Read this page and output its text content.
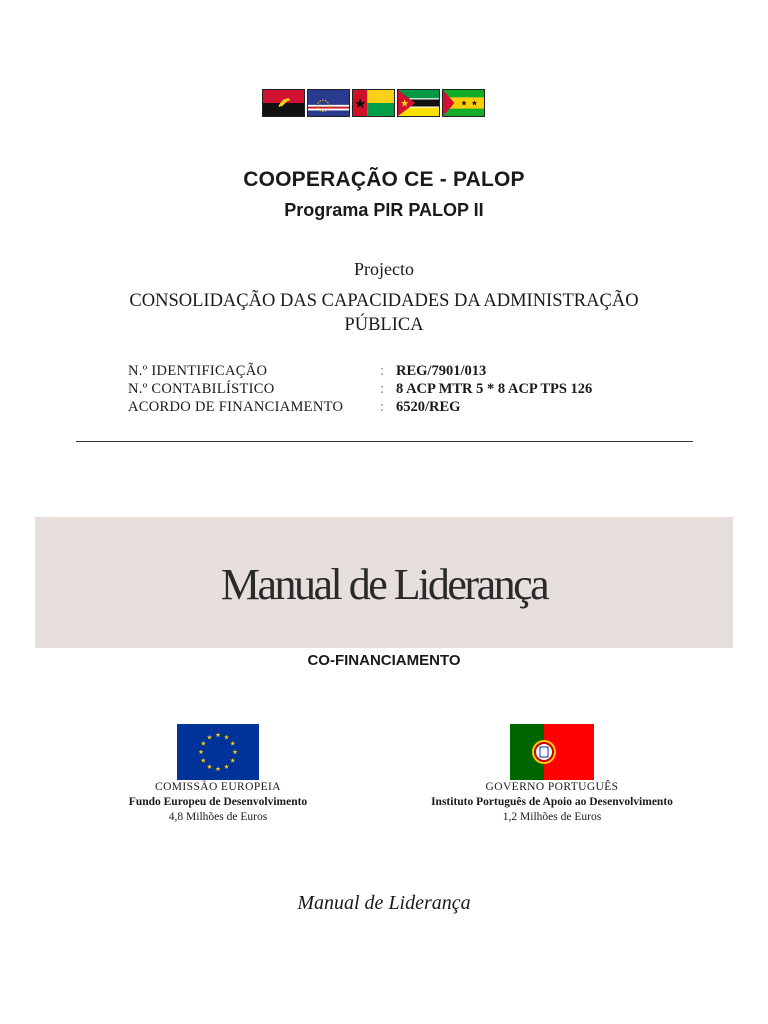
COOPERAÇÃO CE - PALOP
Programa PIR PALOP II
Projecto
CONSOLIDAÇÃO DAS CAPACIDADES DA ADMINISTRAÇÃO PÚBLICA
N.º IDENTIFICAÇÃO	: REG/7901/013
N.º CONTABILÍSTICO	: 8 ACP MTR 5 * 8 ACP TPS 126
ACORDO DE FINANCIAMENTO	: 6520/REG
Manual de Liderança
CO-FINANCIAMENTO
COMISSÃO EUROPEIA
Fundo Europeu de Desenvolvimento
4,8 Milhões de Euros
GOVERNO PORTUGUÊS
Instituto Português de Apoio ao Desenvolvimento
1,2 Milhões de Euros
Manual de Liderança
